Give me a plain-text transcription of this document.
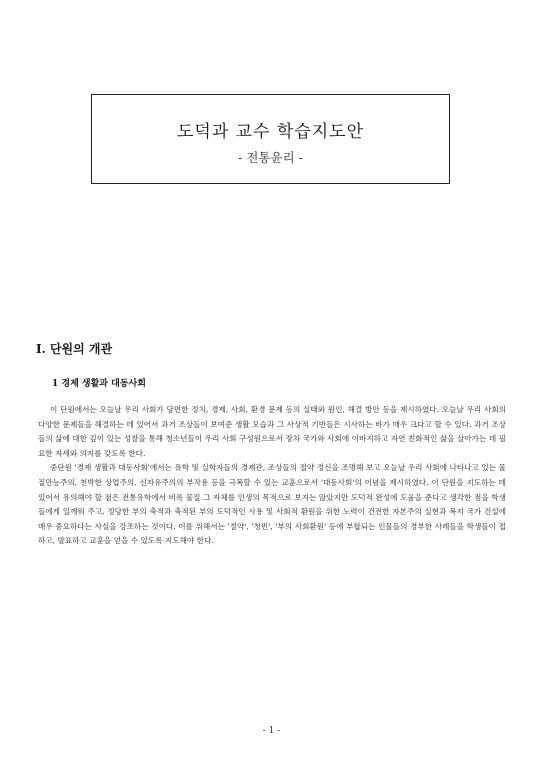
도덕과 교수 학습지도안
- 전통윤리 -
Ⅰ. 단원의 개관
1 경제 생활과 대동사회

이 단원에서는 오늘날 우리 사회가 당면한 정치, 경제, 사회, 환경 문제 등의 실태와 원인, 해결 방안 등을 제시하였다. 오늘날 우리 사회의 다양한 문제들을 해결하는 데 있어서 과거 조상들이 보여준 생활 모습과 그 사상적 기반들은 시사하는 바가 매우 크다고 할 수 있다. 과거 조상들의 삶에 대한 깊이 있는 성찰을 통해 청소년들이 우리 사회 구성원으로서 장차 국가와 사회에 이바지하고 자연 친화적인 삶을 살아가는 데 필요한 자세와 의지를 갖도록 한다.

중단원 '경제 생활과 대동사회'에서는 유학 및 실학자들의 경제관, 조상들의 절약 정신을 조명해 보고 오늘날 우리 사회에 나타나고 있는 물질만능주의, 천박한 상업주의, 신자유주의의 부작용 등을 극복할 수 있는 교훈으로서 '대동사회'의 이념을 제시하였다. 이 단원을 지도하는 데 있어서 유의해야 할 점은 전통유학에서 비록 물질 그 자체를 인생의 목적으로 보지는 않았지만 도덕적 완성에 도움을 준다고 생각한 점을 학생들에게 일깨워 주고, 정당한 부의 축적과 축적된 부의 도덕적인 사용 및 사회적 환원을 위한 노력이 건전한 자본주의 실현과 복지 국가 건설에 매우 중요하다는 사실을 강조하는 것이다. 이를 위해서는 '절약', '청빈', '부의 사회환원' 등에 부합되는 인물들의 경부한 사례들을 학생들이 접하고, 발표하고 교훈을 얻을 수 있도록 지도해야 한다.

- 1 -
